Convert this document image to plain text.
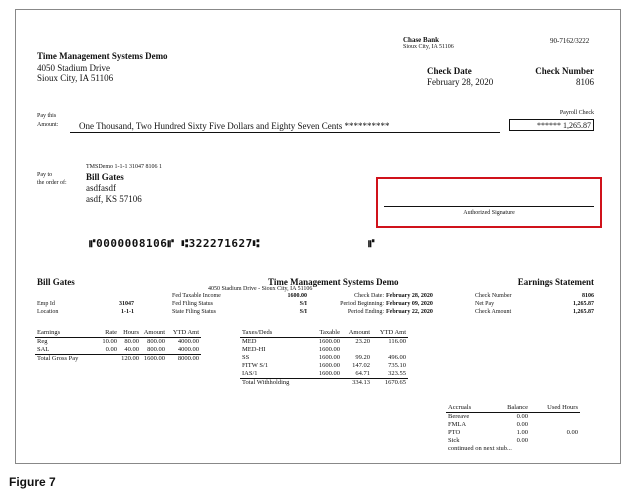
Time Management Systems Demo
4050 Stadium Drive
Sioux City, IA 51106
Chase Bank
Sioux City, IA 51106
90-7162/3222
Check Date
February 28, 2020
Check Number
8106
Pay this
Amount: One Thousand, Two Hundred Sixty Five Dollars and Eighty Seven Cents **********
Payroll Check
****** 1,265.87
TMSDemo 1-1-1 31047 8106 1
Pay to
the order of:
Bill Gates
asdfasdf
asdf, KS 57106
Authorized Signature
⑈0000008106⑈ ⑆322271627⑆	⑈
Bill Gates	Time Management Systems Demo
4050 Stadium Drive - Sioux City, IA 51106
Earnings Statement
Emp Id	31047
Location	1-1-1
Fed Taxable Income	1600.00
Fed Filing Status	S/I
State Filing Status	S/I
Check Date: February 28, 2020
Period Beginning: February 09, 2020
Period Ending: February 22, 2020
Check Number	8106
Net Pay	1,265.87
Check Amount	1,265.87
Earnings	Rate	Hours	Amount	YTD Amt
Reg	10.00	80.00	800.00	4000.00
SAL	0.00	40.00	800.00	4000.00
Total Gross Pay		120.00	1600.00	8000.00
Taxes/Deds	Taxable	Amount	YTD Amt
MED	1600.00	23.20	116.00
MED-HI	1600.00		
SS	1600.00	99.20	496.00
FITW S/1	1600.00	147.02	735.10
IAS/1	1600.00	64.71	323.55
Total Withholding		334.13	1670.65
Accruals	Balance	Used Hours
Bereave	0.00	
FMLA	0.00	
PTO	1.00	0.00
Sick	0.00	
continued on next stub...		
Figure 7
